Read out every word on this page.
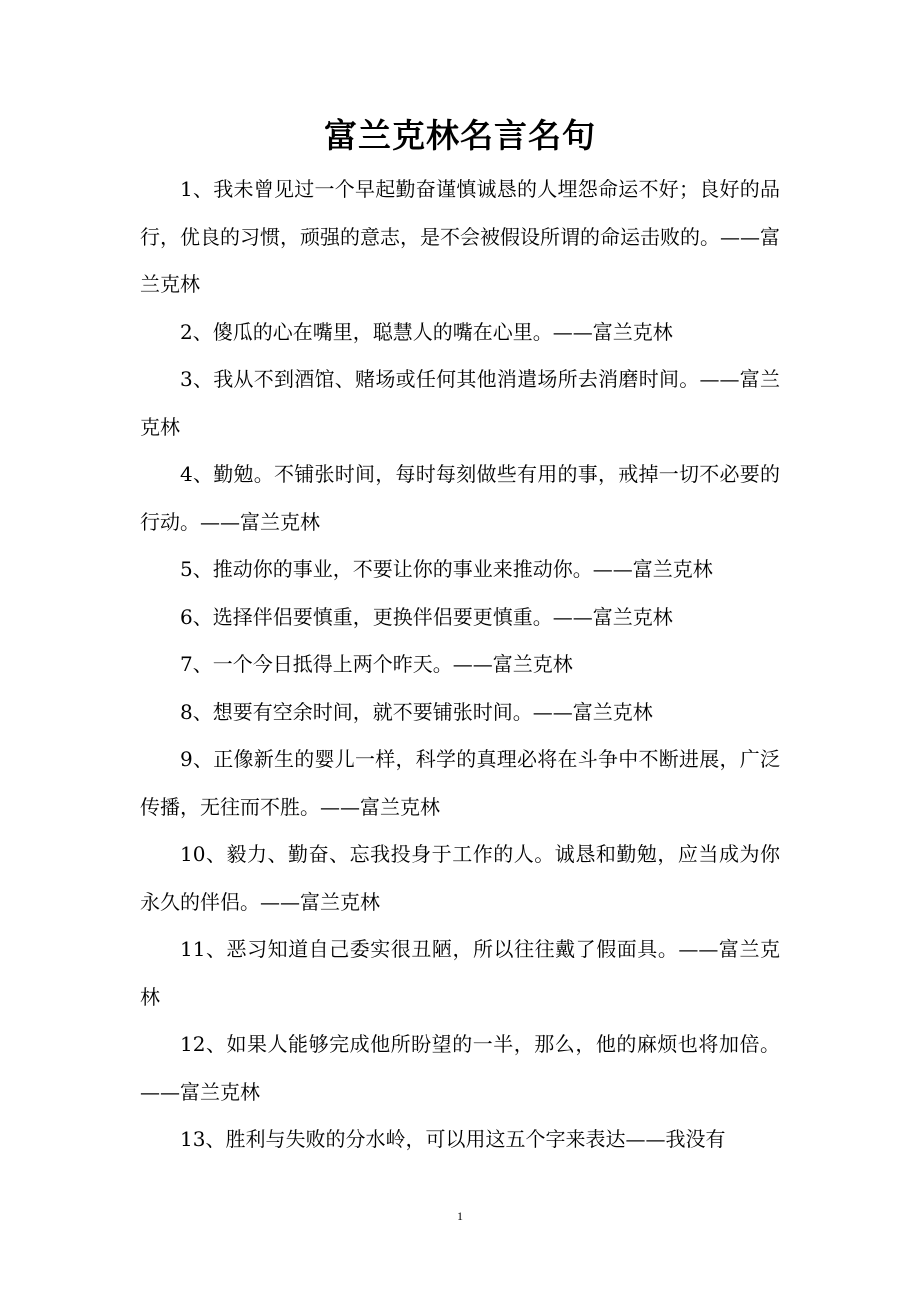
富兰克林名言名句

1、我未曾见过一个早起勤奋谨慎诚恳的人埋怨命运不好；良好的品行，优良的习惯，顽强的意志，是不会被假设所谓的命运击败的。——富兰克林

2、傻瓜的心在嘴里，聪慧人的嘴在心里。——富兰克林

3、我从不到酒馆、赌场或任何其他消遣场所去消磨时间。——富兰克林

4、勤勉。不铺张时间，每时每刻做些有用的事，戒掉一切不必要的行动。——富兰克林

5、推动你的事业，不要让你的事业来推动你。——富兰克林

6、选择伴侣要慎重，更换伴侣要更慎重。——富兰克林

7、一个今日抵得上两个昨天。——富兰克林

8、想要有空余时间，就不要铺张时间。——富兰克林

9、正像新生的婴儿一样，科学的真理必将在斗争中不断进展，广泛传播，无往而不胜。——富兰克林

10、毅力、勤奋、忘我投身于工作的人。诚恳和勤勉，应当成为你永久的伴侣。——富兰克林

11、恶习知道自己委实很丑陋，所以往往戴了假面具。——富兰克林

12、如果人能够完成他所盼望的一半，那么，他的麻烦也将加倍。——富兰克林

13、胜利与失败的分水岭，可以用这五个字来表达——我没有

1
